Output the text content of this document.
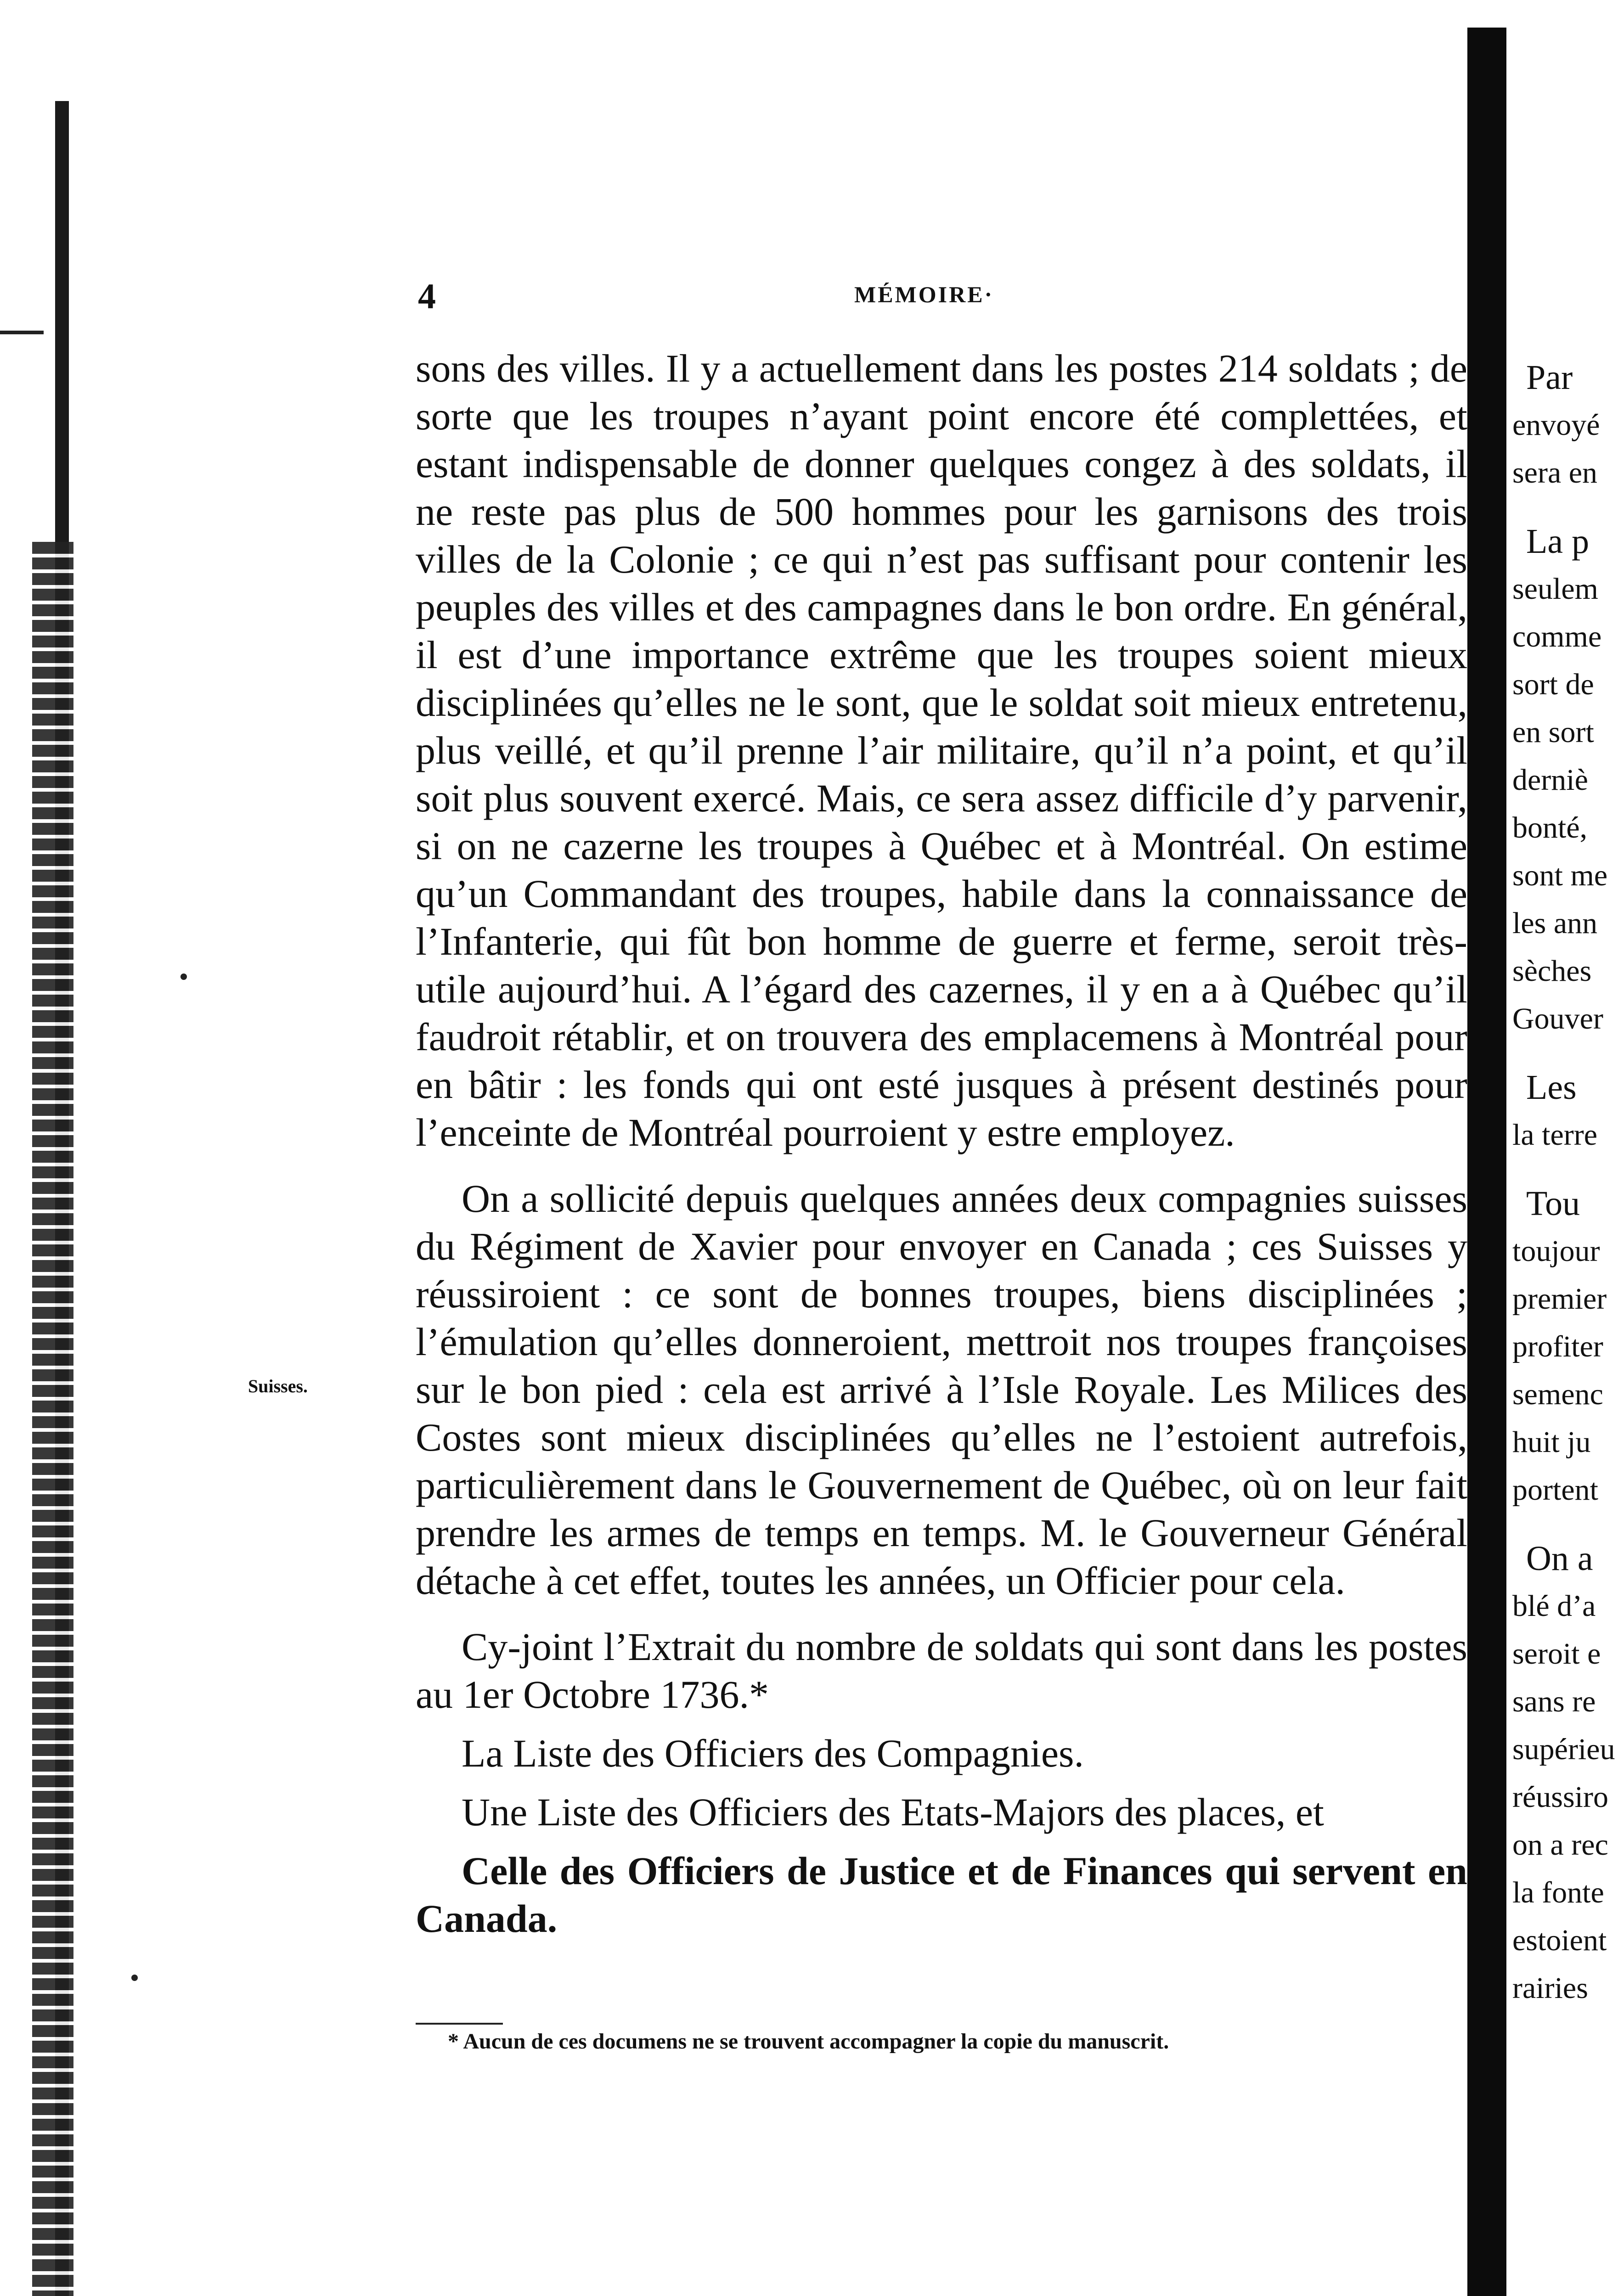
4	MÉMOIRE·
Suisses.

sons des villes. Il y a actuellement dans les postes 214 soldats ; de sorte que les troupes n’ayant point encore été complettées, et estant indispensable de donner quelques congez à des soldats, il ne reste pas plus de 500 hommes pour les garnisons des trois villes de la Colonie ; ce qui n’est pas suffisant pour contenir les peuples des villes et des campagnes dans le bon ordre. En général, il est d’une importance extrême que les troupes soient mieux disciplinées qu’elles ne le sont, que le soldat soit mieux entretenu, plus veillé, et qu’il prenne l’air militaire, qu’il n’a point, et qu’il soit plus souvent exercé. Mais, ce sera assez difficile d’y parvenir, si on ne cazerne les troupes à Québec et à Montréal. On estime qu’un Commandant des troupes, habile dans la connaissance de l’Infanterie, qui fût bon homme de guerre et ferme, seroit très-utile aujourd’hui. A l’égard des cazernes, il y en a à Québec qu’il faudroit rétablir, et on trouvera des emplacemens à Montréal pour en bâtir : les fonds qui ont esté jusques à présent destinés pour l’enceinte de Montréal pourroient y estre employez.

On a sollicité depuis quelques années deux compagnies suisses du Régiment de Xavier pour envoyer en Canada ; ces Suisses y réussiroient : ce sont de bonnes troupes, biens disciplinées ; l’émulation qu’elles donneroient, mettroit nos troupes françoises sur le bon pied : cela est arrivé à l’Isle Royale. Les Milices des Costes sont mieux disciplinées qu’elles ne l’estoient autrefois, particulièrement dans le Gouvernement de Québec, où on leur fait prendre les armes de temps en temps. M. le Gouverneur Général détache à cet effet, toutes les années, un Officier pour cela.

Cy-joint l’Extrait du nombre de soldats qui sont dans les postes au 1er Octobre 1736.*

La Liste des Officiers des Compagnies.

Une Liste des Officiers des Etats-Majors des places, et

Celle des Officiers de Justice et de Finances qui servent en Canada.

* Aucun de ces documens ne se trouvent accompagner la copie du manuscrit.
Par
envoyé
sera en
La p
seulem
comme
sort de
en sort
derniè
bonté,
sont me
les ann
sèches
Gouver
Les
la terre
Tou
toujour
premier
profiter
semenc
huit ju
portent
On a
blé d’a
seroit e
sans re
supérieu
réussiro
on a rec
la fonte
estoient
rairies
